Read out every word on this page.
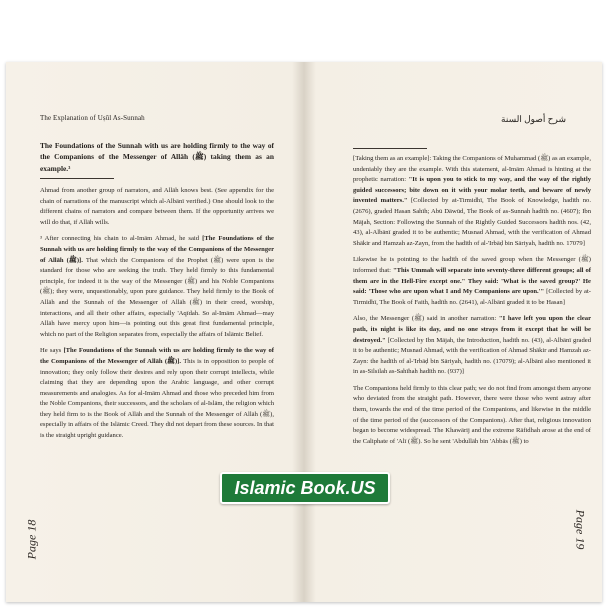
The Explanation of Uṣūl As-Sunnah

The Foundations of the Sunnah with us are holding firmly to the way of the Companions of the Messenger of Allāh (ﷺ) taking them as an example.³

Ahmad from another group of narrators, and Allāh knows best. (See appendix for the chain of narrations of the manuscript which al-Albānī verified.) One should look to the different chains of narrators and compare between them. If the opportunity arrives we will do that, if Allāh wills.

³ After connecting his chain to al-Imām Ahmad, he said [The Foundations of the Sunnah with us are holding firmly to the way of the Companions of the Messenger of Allāh (ﷺ)]. That which the Companions of the Prophet (ﷺ) were upon is the standard for those who are seeking the truth. They held firmly to this fundamental principle, for indeed it is the way of the Messenger (ﷺ) and his Noble Companions (ﷺ); they were, unquestionably, upon pure guidance. They held firmly to the Book of Allāh and the Sunnah of the Messenger of Allāh (ﷺ) in their creed, worship, interactions, and all their other affairs, especially 'Aqīdah. So al-Imām Ahmad—may Allāh have mercy upon him—is pointing out this great first fundamental principle, which no part of the Religion separates from, especially the affairs of Islāmic Belief.

He says [The Foundations of the Sunnah with us are holding firmly to the way of the Companions of the Messenger of Allāh (ﷺ)]. This is in opposition to people of innovation; they only follow their desires and rely upon their corrupt intellects, while claiming that they are depending upon the Arabic language, and other corrupt measurements and analogies. As for al-Imām Ahmad and those who preceded him from the Noble Companions, their successors, and the scholars of al-Islām, the religion which they held firm to is the Book of Allāh and the Sunnah of the Messenger of Allāh (ﷺ), especially in affairs of the Islāmic Creed. They did not depart from these sources. In that is the straight upright guidance.

Page 18
شرح أصول السنة

[Taking them as an example]: Taking the Companions of Muhammad (ﷺ) as an example, undeniably they are the example. With this statement, al-Imām Ahmad is hinting at the prophetic narration: "It is upon you to stick to my way, and the way of the rightly guided successors; bite down on it with your molar teeth, and beware of newly invented matters." [Collected by at-Tirmidhī, The Book of Knowledge, hadīth no. (2676), graded Hasan Sahīh; Abū Dāwūd, The Book of as-Sunnah hadīth no. (4607); Ibn Mājah, Section: Following the Sunnah of the Rightly Guided Successors hadīth nos. (42, 43), al-Albānī graded it to be authentic; Musnad Ahmad, with the verification of Ahmad Shākir and Hamzah az-Zayn, from the hadīth of al-'Irbāḍ bin Sāriyah, hadīth no. 17079]

Likewise he is pointing to the hadīth of the saved group when the Messenger (ﷺ) informed that: "This Ummah will separate into seventy-three different groups; all of them are in the Hell-Fire except one." They said: 'What is the saved group?' He said: 'Those who are upon what I and My Companions are upon.'" [Collected by at-Tirmidhī, The Book of Faith, hadīth no. (2641), al-Albānī graded it to be Hasan]

Also, the Messenger (ﷺ) said in another narration: "I have left you upon the clear path, its night is like its day, and no one strays from it except that he will be destroyed." [Collected by Ibn Mājah, the Introduction, hadīth no. (43), al-Albānī graded it to be authentic; Musnad Ahmad, with the verification of Ahmad Shākir and Hamzah az-Zayn: the hadīth of al-'Irbāḍ bin Sāriyah, hadīth no. (17079); al-Albānī also mentioned it in as-Silsilah as-Sahīhah hadīth no. (937)]

The Companions held firmly to this clear path; we do not find from amongst them anyone who deviated from the straight path. However, there were those who went astray after them, towards the end of the time period of the Companions, and likewise in the middle of the time period of the (successors of the Companions). After that, religious innovation began to become widespread. The Khawārij and the extreme Rāfidhah arose at the end of the Caliphate of 'Alī (ﷺ). So he sent 'Abdullāh bin 'Abbās (ﷺ) to

Page 19
Islamic Book.US
